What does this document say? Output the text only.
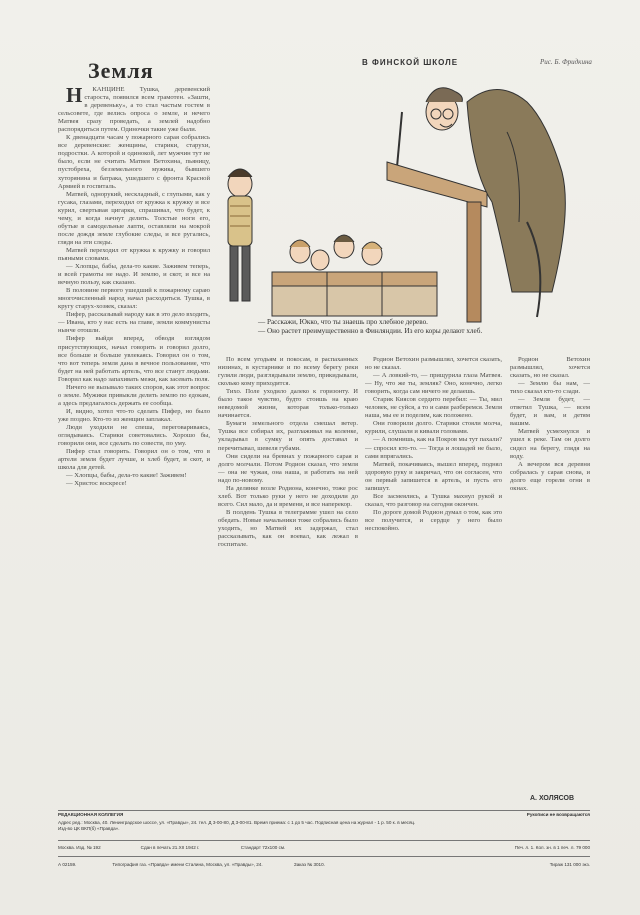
Земля	В ФИНСКОЙ ШКОЛЕ	Рис. Б. Фридкина

— Расскажи, Юкко, что ты знаешь про хлебное дерево.

— Оно растет преимущественно в Финляндии. Из его коры делают хлеб.

Н КАНЦИНЕ Тушка, деревенский староста, появился всем грамотен. «Зашти, в деревеньку», а то стал частым гостем в сельсовете, где велись опроса о земле, и нечего Матвея сразу проведать, а землей надобно распорядиться путем. Одиночки такие уже были.

К двенадцати часам у пожарного сарая собрались все деревенские: женщины, старики, старухи, подростки. А которой и одинокой, лет мужчин тут не было, если не считать Матвея Ветохина, пьяницу, пустобреха, безземельного мужика, бывшего хуторянина и батрака, ушедшего с фронта Красной Армией в госпиталь.

Матвей, однорукий, нескладный, с глупыми, как у гусака, глазами, переходил от кружка к кружку и все курил, свертывая цигарки, спрашивал, что будет, к чему, и когда начнут делить. Толстые ноги его, обутые в самодельные лапти, оставляли на мокрой после дождя земле глубокие следы, и все ругались, глядя на эти следы.

Матвей переходил от кружка к кружку и говорил пьяными словами.

— Хлопцы, бабы, дела-то какие. Заживем теперь, и всей грамоты не надо. И землю, и скот, и все на вечную пользу, как сказано.

В половине первого ушедший к пожарному сараю многочисленный народ начал расходиться. Тушка, в кругу старух-хозяек, сказал:

Пифер, рассказывай народу как в это дело входить, — Ивана, кто у нас есть на главе, земли коммунисты нынче отошли.

Пифер выйдя вперед, обводя взглядом присутствующих, начал говорить и говорил долго, все больше и больше увлекаясь. Говорил он о том, что вот теперь земля дана в вечное пользование, что будет на ней работать артель, что все станут людьми. Говорил как надо запахивать межи, как засевать поля.

Ничего не вызывало таких споров, как этот вопрос о земле. Мужики привыкли делить землю по едокам, а здесь предлагалось держать ее сообща.

И, видно, хотел что-то сделать Пифер, но было уже поздно. Кто-то из женщин заплакал.

Люди уходили не спеша, переговариваясь, оглядываясь. Старики советовались. Хорошо бы, говорили они, все сделать по совести, по уму.

Пифер стал говорить. Говорил он о том, что в артели земля будет лучше, и хлеб будет, и скот, и школа для детей.

— Хлопцы, бабы, дела-то какие! Заживем!

— Христос воскресе!

По всем угодьям и покосам, в распаханных низинах, в кустарнике и по всему берегу реки гуляли люди, разглядывали землю, прикидывали, сколько кому приходится.

Тихо. Поле уходило далеко к горизонту. И было такое чувство, будто стоишь на краю неведомой жизни, которая только-только начинается.

Бумаги земельного отдела смешал ветер. Тушка все собирал их, разглаживал на коленке, укладывал в сумку и опять доставал и перечитывал, шевеля губами.

Они сидели на бревнах у пожарного сарая и долго молчали. Потом Родион сказал, что земля — она не чужая, она наша, и работать на ней надо по-новому.

На делянке возле Родиона, конечно, тоже рос хлеб. Вот только руки у него не доходили до всего. Сил мало, да и времени, и все наперекор.

В полдень Тушка в телеграмме ушел на село обедать. Новые начальники тоже собрались было уходить, но Матвей их задержал, стал рассказывать, как он воевал, как лежал в госпитале.

Родион Ветохин размышлял, хочется сказать, но не сказал.

— А ловкий-то, — прищурила глаза Матвея. — Ну, что же ты, земляк? Оно, конечно, легко говорить, когда сам ничего не делаешь.

Старик Киясов сердито перебил: — Ты, мил человек, не суйся, а то и сами разберемся. Земля наша, мы ее и поделим, как положено.

Они говорили долго. Старики стояли молча, курили, слушали и кивали головами.

— А помнишь, как на Покров мы тут пахали? — спросил кто-то. — Тогда и лошадей не было, сами впрягались.

Матвей, покачиваясь, вышел вперед, поднял здоровую руку и закричал, что он согласен, что он первый запишется в артель, и пусть его запишут.

Все засмеялись, а Тушка махнул рукой и сказал, что разговор на сегодня окончен.

По дороге домой Родион думал о том, как это все получится, и сердце у него было неспокойно.

Родион Ветохин размышлял, хочется сказать, но не сказал.

— Землю бы нам, — тихо сказал кто-то сзади.

— Земля будет, — ответил Тушка, — всем будет, и вам, и детям вашим.

Матвей усмехнулся и ушел к реке. Там он долго сидел на берегу, глядя на воду.

А вечером вся деревня собралась у сарая снова, и долго еще горели огни в окнах.

А. ХОЛЯСОВ
РЕДАКЦИОННАЯ КОЛЛЕГИЯ	Рукописи не возвращаются
Адрес ред.: Москва, 40. Ленинградское шоссе, ул. «Правды», 24. тел. Д 3-00-80, Д 3-00-81. Время приема: с 1 до 5 час. Подписная цена на журнал - 1 р. 50 к. в месяц.
Изд-во ЦК ВКП(б) «Правда».
Москва. Изд. № 192	Сдан в печать 21.XII 1942 г.	Стандарт 72х100 см.	Печ. л. 1. Кол. зн. в 1 печ. л. 79 000
А 02159.	Типография газ. «Правда» имени Сталина, Москва, ул. «Правды», 24.	Заказ № 3010.	Тираж 131 000 экз.
